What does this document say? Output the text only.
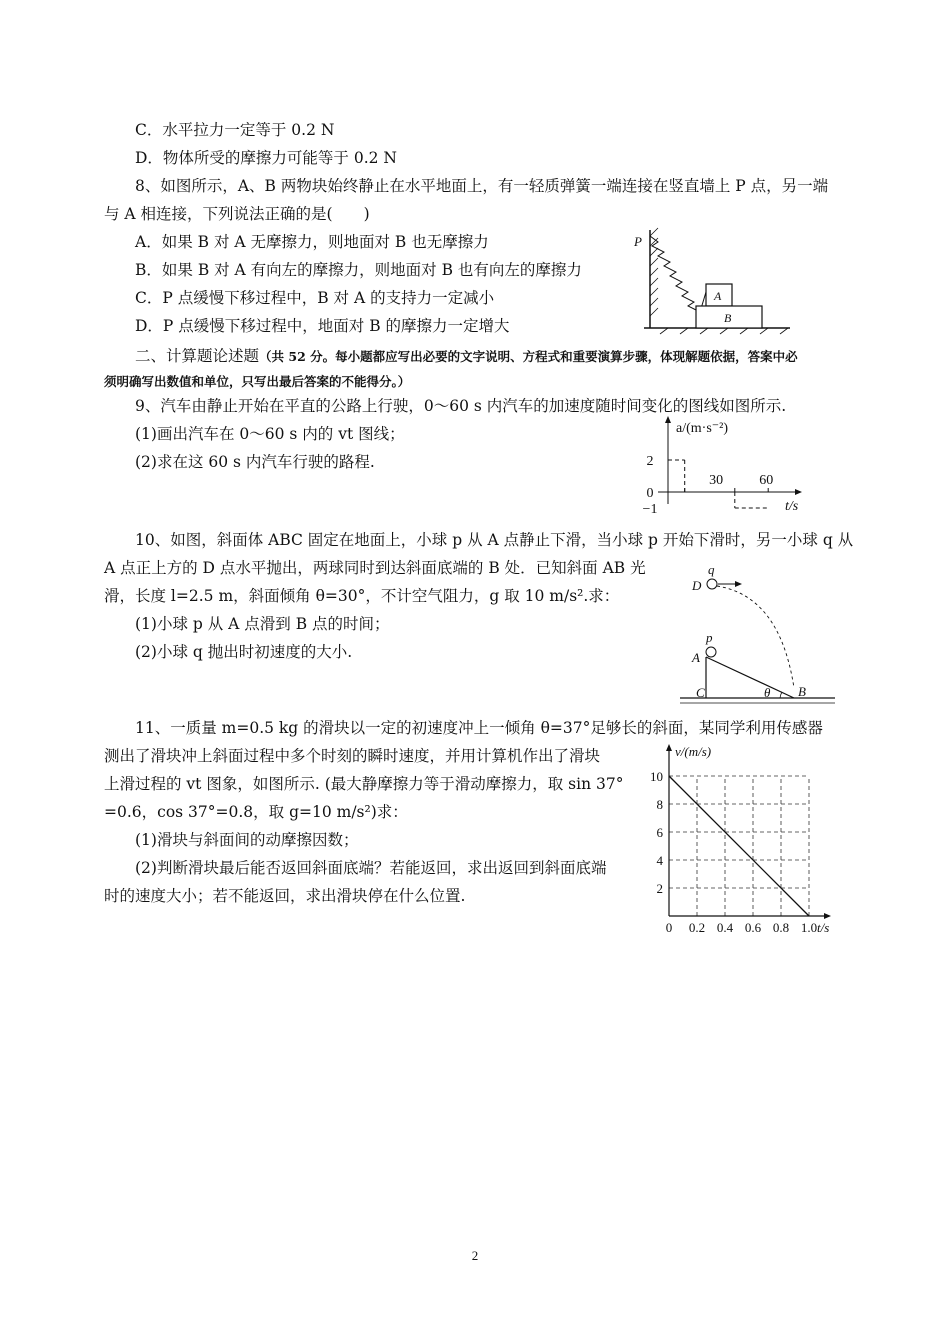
C．水平拉力一定等于 0.2 N
D．物体所受的摩擦力可能等于 0.2 N
8、如图所示，A、B 两物块始终静止在水平地面上，有一轻质弹簧一端连接在竖直墙上 P 点，另一端
与 A 相连接，下列说法正确的是(　　)
A．如果 B 对 A 无摩擦力，则地面对 B 也无摩擦力
B．如果 B 对 A 有向左的摩擦力，则地面对 B 也有向左的摩擦力
C．P 点缓慢下移过程中，B 对 A 的支持力一定减小
D．P 点缓慢下移过程中，地面对 B 的摩擦力一定增大
P
A
B
二、计算题论述题（共 52 分。每小题都应写出必要的文字说明、方程式和重要演算步骤，体现解题依据，答案中必
须明确写出数值和单位，只写出最后答案的不能得分。）
9、汽车由静止开始在平直的公路上行驶，0～60 s 内汽车的加速度随时间变化的图线如图所示.
(1)画出汽车在 0～60 s 内的 vt 图线；
(2)求在这 60 s 内汽车行驶的路程.
a/(m·s⁻²)
t/s
2
0
−1
30	60
10、如图，斜面体 ABC 固定在地面上，小球 p 从 A 点静止下滑，当小球 p 开始下滑时，另一小球 q 从
A 点正上方的 D 点水平抛出，两球同时到达斜面底端的 B 处．已知斜面 AB 光
滑，长度 l=2.5 m，斜面倾角 θ=30°，不计空气阻力，g 取 10 m/s².求：
(1)小球 p 从 A 点滑到 B 点的时间；
(2)小球 q 抛出时初速度的大小.
q
D
p
A
C	B
θ
11、一质量 m=0.5 kg 的滑块以一定的初速度冲上一倾角 θ=37°足够长的斜面，某同学利用传感器
测出了滑块冲上斜面过程中多个时刻的瞬时速度，并用计算机作出了滑块
上滑过程的 vt 图象，如图所示. (最大静摩擦力等于滑动摩擦力，取 sin 37°
=0.6，cos 37°=0.8，取 g=10 m/s²)求：
(1)滑块与斜面间的动摩擦因数；
(2)判断滑块最后能否返回斜面底端？若能返回，求出返回到斜面底端
时的速度大小；若不能返回，求出滑块停在什么位置.
v/(m/s)
t/s
0 0.2 0.4 0.6 0.8 1.0
10
8
6
4
2
2
